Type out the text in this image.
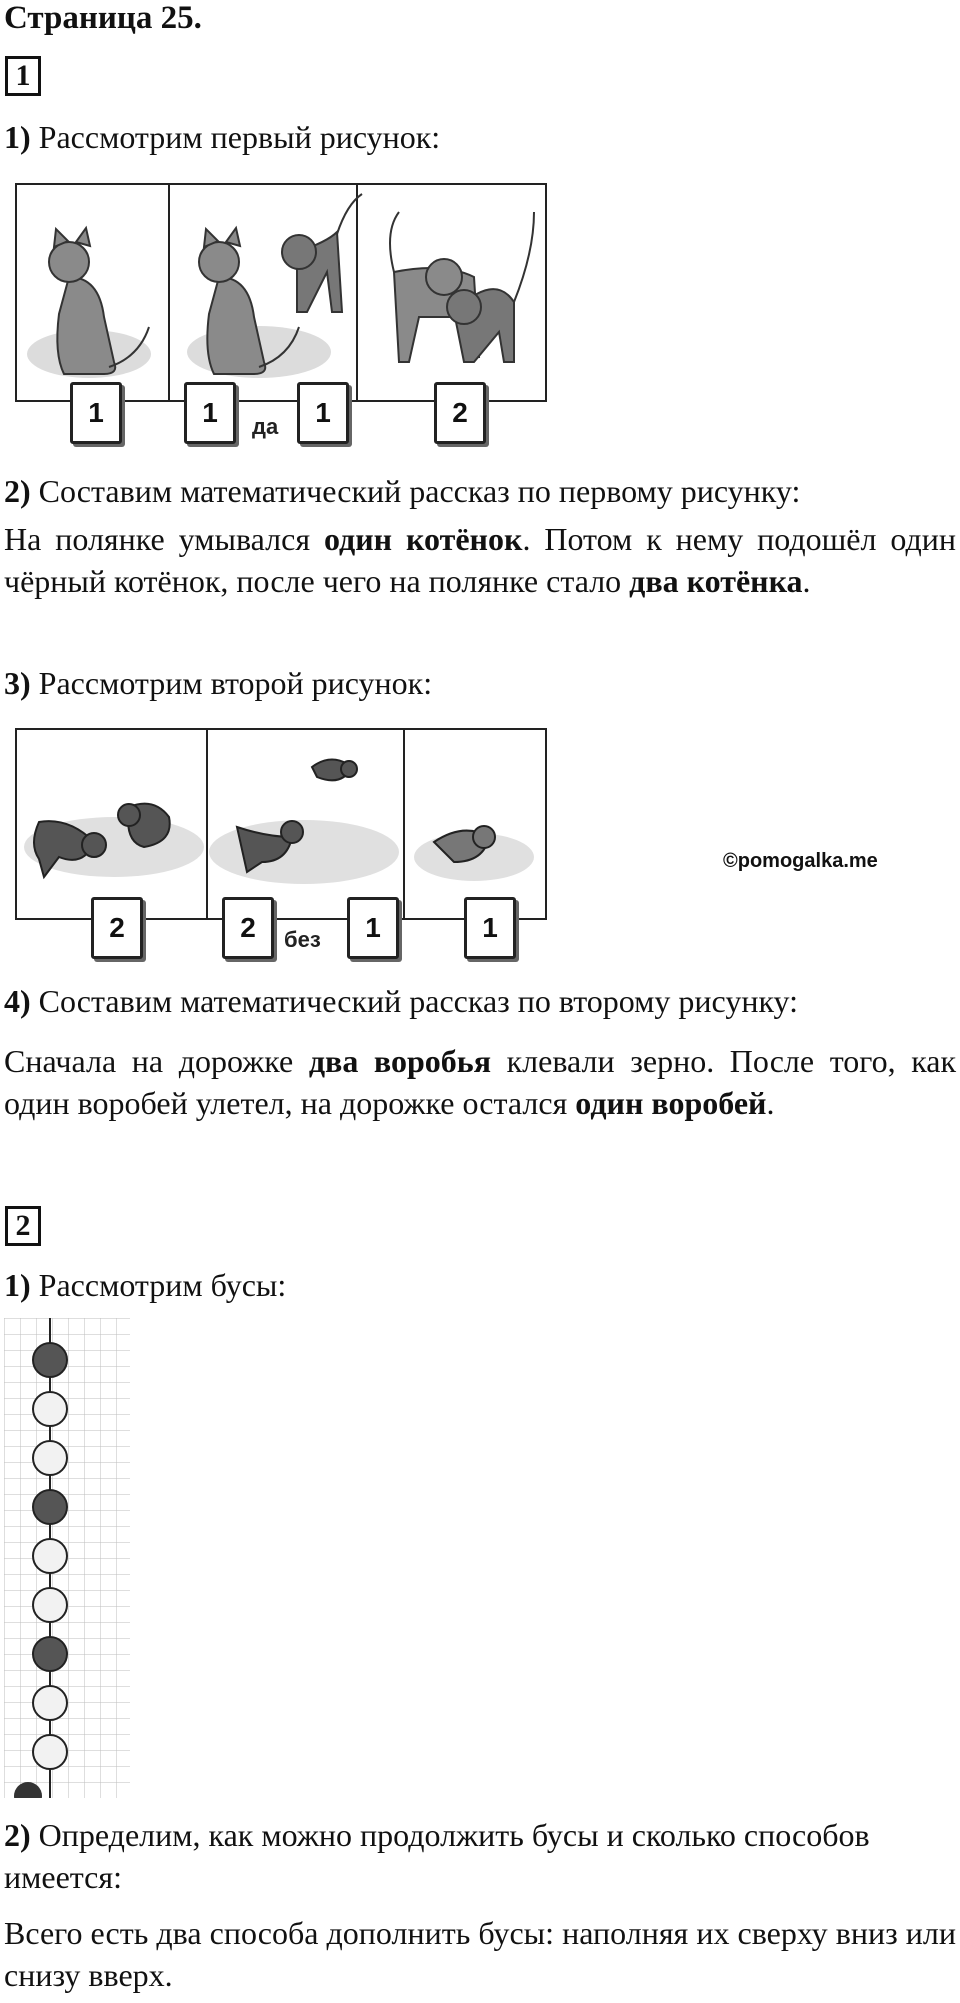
Страница 25.
1
1) Рассмотрим первый рисунок:
1	1	да	1	2
2) Составим математический рассказ по первому рисунку:
На полянке умывался один котёнок. Потом к нему подошёл один чёрный котёнок, после чего на полянке стало два котёнка.
3) Рассмотрим второй рисунок:
2	2	без	1	1
©pomogalka.me
4) Составим математический рассказ по второму рисунку:
Сначала на дорожке два воробья клевали зерно. После того, как один воробей улетел, на дорожке остался один воробей.
2
1) Рассмотрим бусы:
2) Определим, как можно продолжить бусы и сколько способов имеется:
Всего есть два способа дополнить бусы: наполняя их сверху вниз или снизу вверх.
